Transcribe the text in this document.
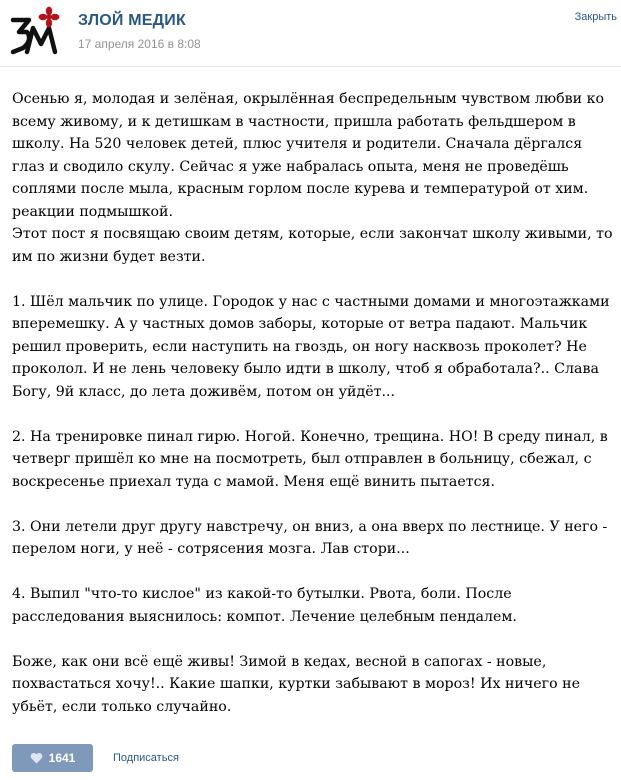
ЗЛОЙ МЕДИК
17 апреля 2016 в 8:08
Закрыть

Осенью я, молодая и зелёная, окрылённая беспредельным чувством любви ко всему живому, и к детишкам в частности, пришла работать фельдшером в школу. На 520 человек детей, плюс учителя и родители. Сначала дёргался глаз и сводило скулу. Сейчас я уже набралась опыта, меня не проведёшь соплями после мыла, красным горлом после курева и температурой от хим. реакции подмышкой.
Этот пост я посвящаю своим детям, которые, если закончат школу живыми, то им по жизни будет везти.

1. Шёл мальчик по улице. Городок у нас с частными домами и многоэтажками вперемешку. А у частных домов заборы, которые от ветра падают. Мальчик решил проверить, если наступить на гвоздь, он ногу насквозь проколет? Не проколол. И не лень человеку было идти в школу, чтоб я обработала?.. Слава Богу, 9й класс, до лета доживём, потом он уйдёт...

2. На тренировке пинал гирю. Ногой. Конечно, трещина. НО! В среду пинал, в четверг пришёл ко мне на посмотреть, был отправлен в больницу, сбежал, с воскресенье приехал туда с мамой. Меня ещё винить пытается.

3. Они летели друг другу навстречу, он вниз, а она вверх по лестнице. У него - перелом ноги, у неё - сотрясения мозга. Лав стори...

4. Выпил "что-то кислое" из какой-то бутылки. Рвота, боли. После расследования выяснилось: компот. Лечение целебным пендалем.

Боже, как они всё ещё живы! Зимой в кедах, весной в сапогах - новые, похвастаться хочу!.. Какие шапки, куртки забывают в мороз! Их ничего не убьёт, если только случайно.

1641	Подписаться
